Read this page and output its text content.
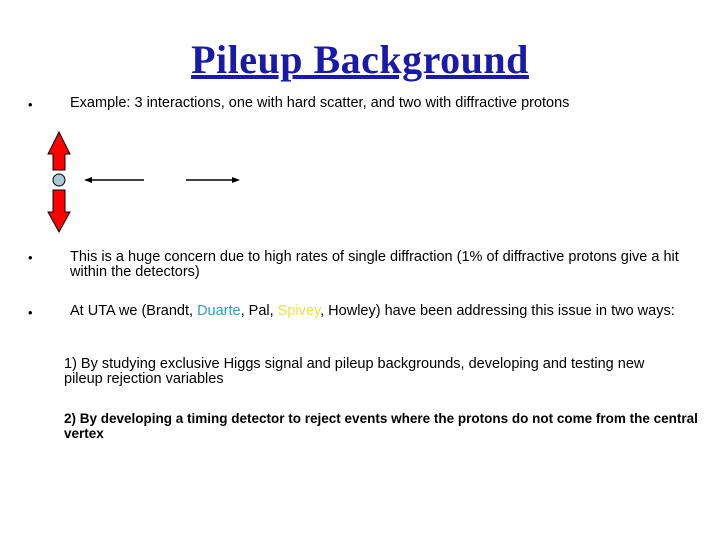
Pileup Background
•	Example: 3 interactions, one with hard scatter, and two with diffractive protons
•	This is a huge concern due to high rates of single diffraction (1% of diffractive protons give a hit within the detectors)
•	At UTA we (Brandt, Duarte, Pal, Spivey, Howley) have been addressing this issue in two ways:
1) By studying exclusive Higgs signal and pileup backgrounds, developing and testing new pileup rejection variables
2) By developing a timing detector to reject events where the protons do not come from the central vertex
